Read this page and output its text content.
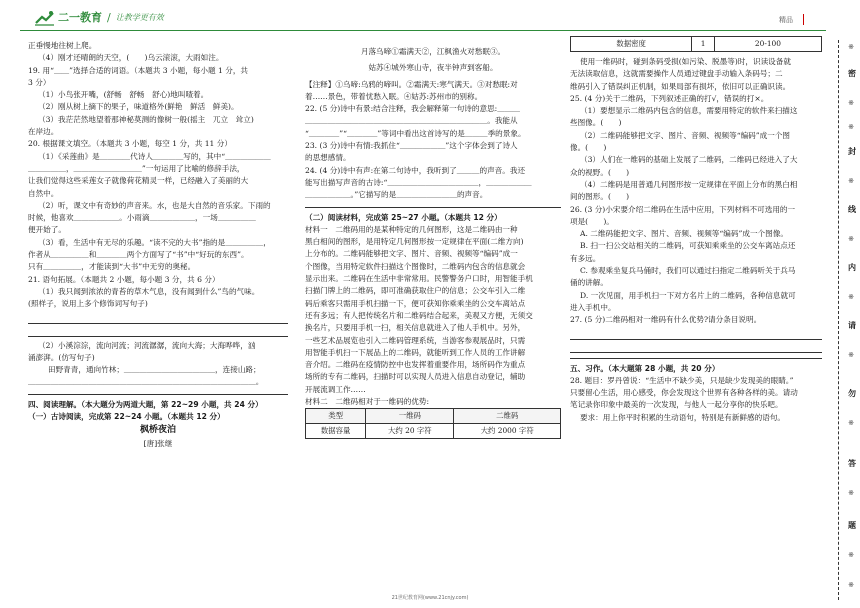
二一教育 / 让教学更有效	精品
正垂慢地往树上爬。
（4）刚才还晴朗的天空，(　　)乌云滚滚，大雨如注。
19. 用“＿＿”选择合适的词语。（本题共 3 小题，每小题 1 分，共
3 分）
（1）小鸟张开嘴，(舒畅　舒畅　舒心)地叫喳着。
（2）刚从树上摘下的果子，味道格外(鲜艳　鲜活　鲜美)。
（3）我茫茫然地望着那神秘莫测的像树一般(摇主　兀立　耸立)
在岸边。
20. 根据课文填空。（本题共 3 小题，每空 1 分，共 11 分）
（1）《采莲曲》是＿＿＿＿代诗人＿＿＿＿写的，其中“＿＿＿＿＿＿
＿＿＿＿＿，＿＿＿＿＿＿＿＿＿”一句运用了比喻的修辞手法，
让我们觉得这些采莲女子就像荷花精灵一样，已经融入了美丽的大
自然中。
（2）听，课文中有奇妙的声音来。水，也是大自然的音乐家。下雨的
时候，他喜欢＿＿＿＿＿＿。小雨滴＿＿＿＿＿＿，一场＿＿＿＿＿
便开始了。
（3）看，生活中有无尽的乐趣。“读不完的大书”指的是＿＿＿＿＿，
作者从＿＿＿＿＿和＿＿＿＿两个方面写了“书”中“好玩的东西”。
只有＿＿＿＿＿，才能读到“大书”中无穷的奥秘。
21. 语句拓展。（本题共 2 小题，每小题 3 分，共 6 分）
（1）我只闻到浓浓的青苔的草木气息，没有闻到什么”鸟的气味。
(照样子，说用上多个修饰词写句子)
（2）小溪淙淙，流向河流；河流潺潺，流向大海；大海哗哗，汹
涌澎湃。(仿写句子)
田野青青，通向竹林；＿＿＿＿＿＿＿＿＿＿＿＿，连接山路；
＿＿＿＿＿＿＿＿＿＿＿＿＿＿＿＿＿＿＿＿＿＿＿＿＿＿＿＿＿＿。
四、阅读理解。（本大题分为两道大题，第 22~29 小题，共 24 分）
（一）古诗阅读，完成第 22~24 小题。（本题共 12 分）
枫桥夜泊
[唐]张继
月落乌啼①霜满天②，江枫渔火对愁眠③。
姑苏④城外寒山寺，夜半钟声到客船。
【注释】①乌啼:乌鸦的啼叫。②霜满天:寒气满天。③对愁眠:对
着……景色，带着忧愁入眠。④姑苏:苏州市的别称。
22. (5 分)诗中有景:结合注释，我会解释第一句诗的意思:＿＿＿
＿＿＿＿＿＿＿＿＿＿＿＿＿＿＿＿＿＿＿＿＿＿＿＿。我能从
“＿＿＿＿”“＿＿＿＿”等词中看出这首诗写的是＿＿＿季的景象。
23. (3 分)诗中有情:我抓住“＿＿＿＿＿＿”这个字体会到了诗人
的思想感情。
24. (4 分)诗中有声:在第二句诗中，我听到了＿＿＿的声音。我还
能写出描写声音的古诗:“＿＿＿＿＿＿＿＿＿＿＿＿，＿＿＿＿＿＿
＿＿＿＿＿＿。”它描写的是＿＿＿＿＿＿＿＿的声音。
（二）阅读材料，完成第 25~27 小题。（本题共 12 分）
材料一　二维码用的是某种特定的几何图形，这是二维码由一种
黑白相间的图形，是用特定几何图形按一定规律在平面(二维方向)
上分布的。二维码能够把文字、图片、音频、视频等“编码”成一
个图像，当用特定软件扫描这个图像时，二维码内包含的信息就会
显示出来。二维码在生活中非常常用。民警警务户口时，用智能手机
扫描门牌上的二维码，即可准确获取住户的信息；公交车引入二维
码后乘客只需用手机扫描一下，便可获知你乘乘坐的公交车离站点
还有多远；有人把传统名片和二维码结合起来，美观又方便，无须交
换名片，只要用手机一扫，相关信息就进入了他人手机中。另外，
一些艺术品展览也引入二维码管理系统，当游客参观展品时，只需
用智能手机扫一下展品上的二维码，就能听到工作人员的工作讲解
音介绍。二维码在疫情防控中也发挥着重要作用，场所码作为重点
场所的专有二维码，扫描时可以实现人员进入信息自动登记，辅助
开展流调工作……
材料二　二维码相对于一维码的优势:
类型	一维码	二维码
数据容量	大约 20 字符	大约 2000 字符
数据密度	1	20-100
使用一维码时，碰到条码受损(如污染、脱墨等)时，识读设备就
无法读取信息，这就需要操作人员通过键盘手动输入条码号；二
维码引入了错误纠正机制，如果局部有损坏，依旧可以正确识读。
25. (4 分)关于二维码，下列叙述正确的打√，错误的打×。
（1）要想显示二维码内包含的信息，需要用特定的软件来扫描这
些图像。(　　)
（2）二维码能够把文字、图片、音频、视频等“编码”成一个图
像。(　　)
（3）人们在一维码的基础上发展了二维码，二维码已经进入了大
众的视野。(　　)
（4）二维码是用普通几何图形按一定规律在平面上分布的黑白相
间的图形。(　　)
26. (3 分)小宋要介绍二维码在生活中应用，下列材料不可选用的一
项是(　　)。
A. 二维码能把文字、图片、音频、视频等“编码”成一个图像。
B. 扫一扫公交站相关的二维码，可获知乘乘坐的公交车离站点还
有多远。
C. 参观乘坐复兵马俑时，我们可以通过扫指定二维码听关于兵马
俑的讲解。
D. 一次见面，用手机扫一下对方名片上的二维码，各种信息就可
进入手机中。
27. (5 分)二维码相对一维码有什么优势?请分条目说明。
五、习作。（本大题第 28 小题，共 20 分）
28. 题目：罗丹曾说：“生活中不缺少美，只是缺少发现美的眼睛。”
只要留心生活，用心感受，你会发现这个世界有各种各样的美。请动
笔记录你印象中最美的一次发现，与他人一起分享你的快乐吧。
要求：用上你平时积累的生动语句，特别是有新鲜感的语句。
※
密
※
※
封
※
线
※
内
※
请
※
勿
※
答
※
题
※
※
21世纪教育网(www.21cnjy.com)
